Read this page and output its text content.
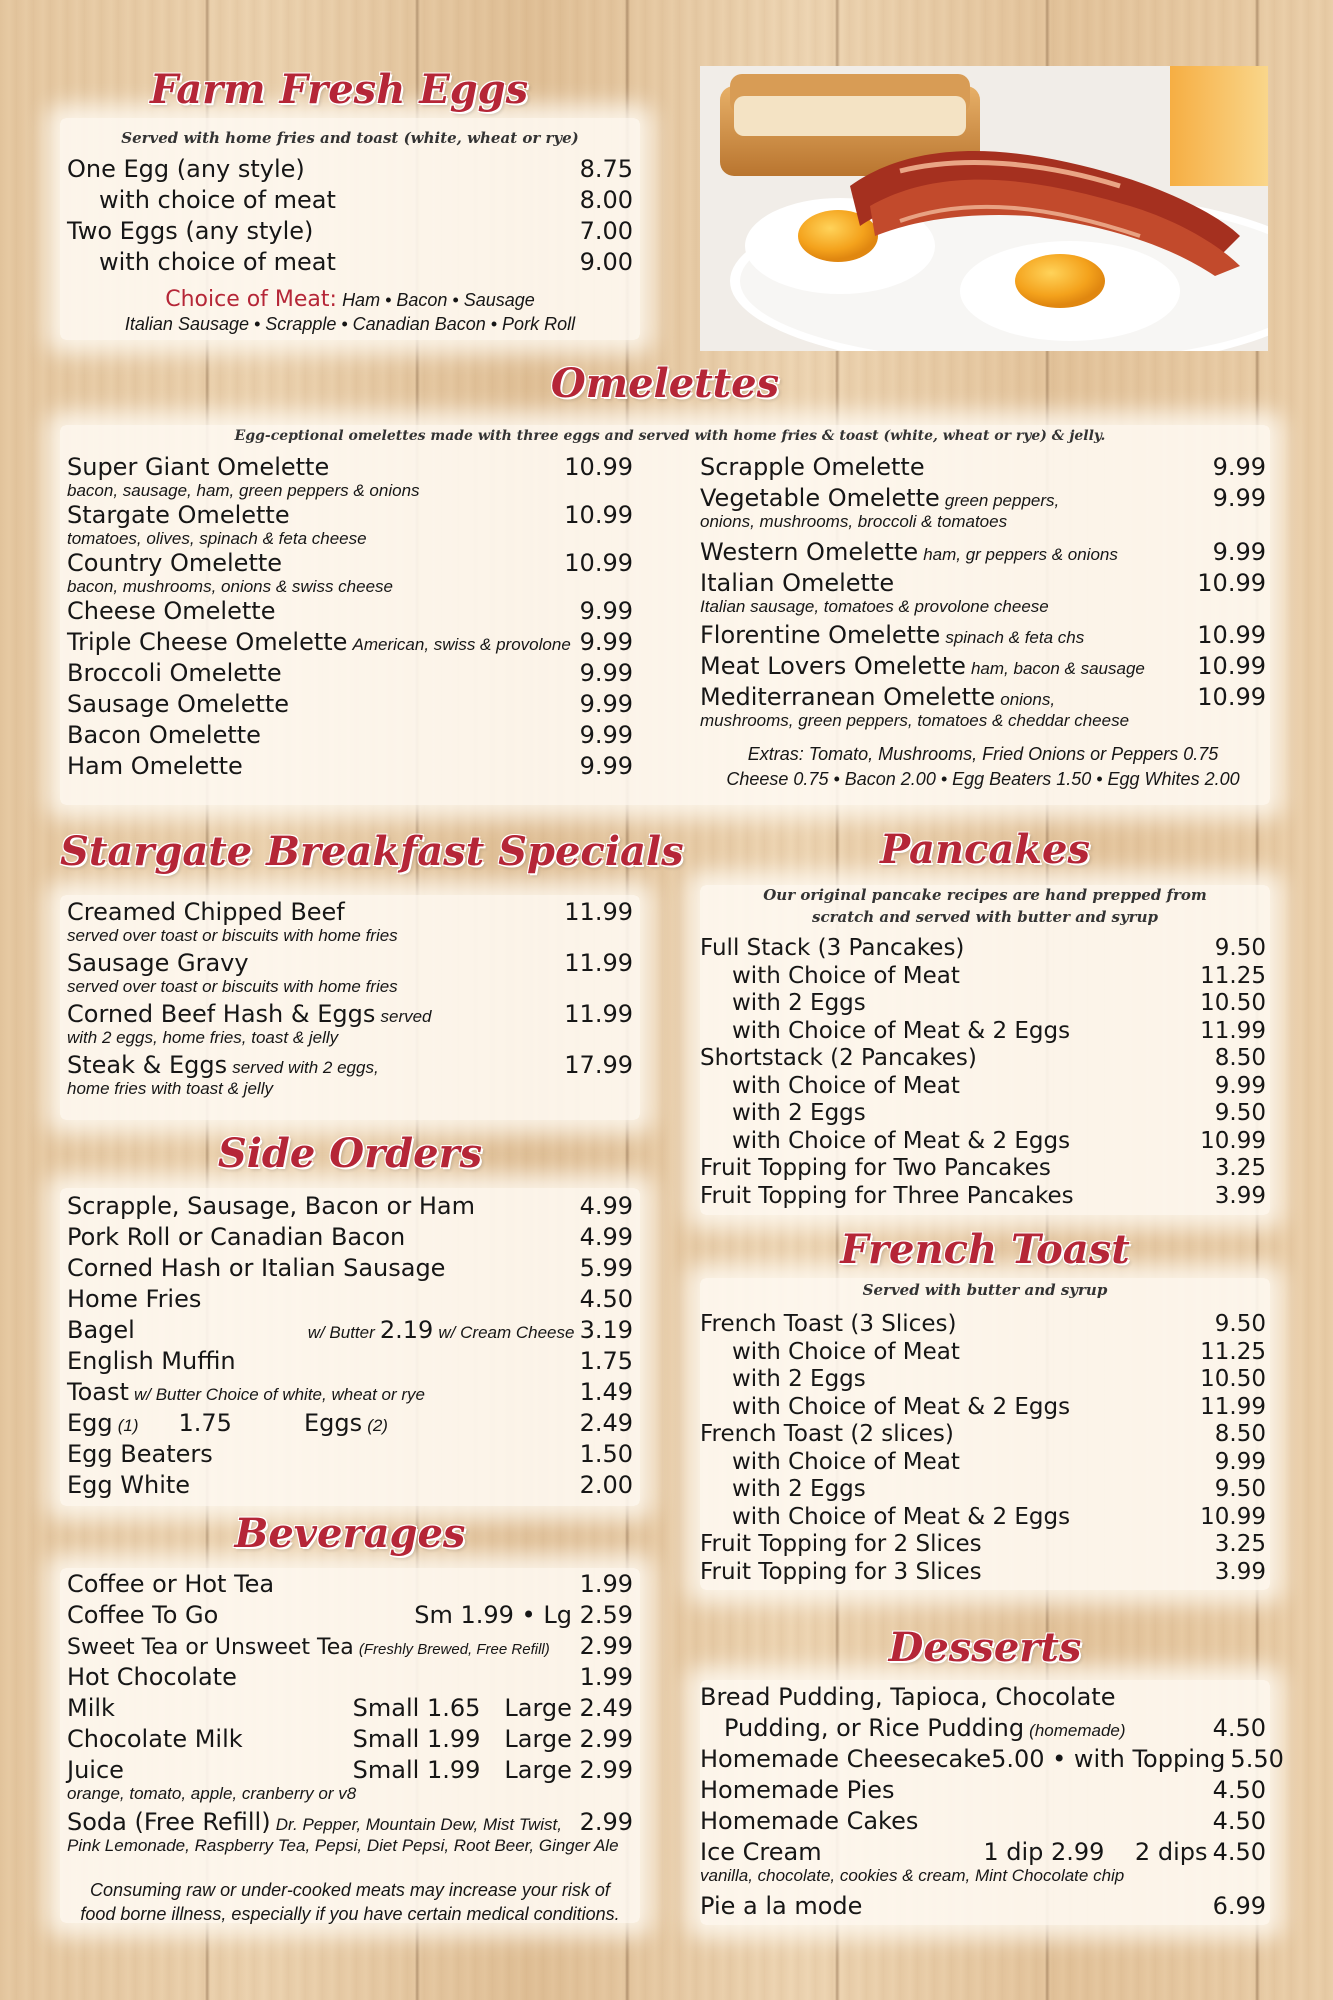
Farm Fresh Eggs
Served with home fries and toast (white, wheat or rye)
One Egg (any style)	8.75
with choice of meat	8.00
Two Eggs (any style)	7.00
with choice of meat	9.00
Choice of Meat: Ham • Bacon • Sausage
Italian Sausage • Scrapple • Canadian Bacon • Pork Roll
Omelettes
Egg-ceptional omelettes made with three eggs and served with home fries & toast (white, wheat or rye) & jelly.
Super Giant Omelette	10.99
bacon, sausage, ham, green peppers & onions
Stargate Omelette	10.99
tomatoes, olives, spinach & feta cheese
Country Omelette	10.99
bacon, mushrooms, onions & swiss cheese
Cheese Omelette	9.99
Triple Cheese Omelette American, swiss & provolone 9.99
Broccoli Omelette	9.99
Sausage Omelette	9.99
Bacon Omelette	9.99
Ham Omelette	9.99
Scrapple Omelette	9.99
Vegetable Omelette green peppers,	9.99
onions, mushrooms, broccoli & tomatoes
Western Omelette ham, gr peppers & onions	9.99
Italian Omelette	10.99
Italian sausage, tomatoes & provolone cheese
Florentine Omelette spinach & feta chs	10.99
Meat Lovers Omelette ham, bacon & sausage 10.99
Mediterranean Omelette onions,	10.99
mushrooms, green peppers, tomatoes & cheddar cheese
Extras: Tomato, Mushrooms, Fried Onions or Peppers 0.75
Cheese 0.75 • Bacon 2.00 • Egg Beaters 1.50 • Egg Whites 2.00
Stargate Breakfast Specials
Creamed Chipped Beef	11.99
served over toast or biscuits with home fries
Sausage Gravy	11.99
served over toast or biscuits with home fries
Corned Beef Hash & Eggs served	11.99
with 2 eggs, home fries, toast & jelly
Steak & Eggs served with 2 eggs,	17.99
home fries with toast & jelly
Side Orders
Scrapple, Sausage, Bacon or Ham	4.99
Pork Roll or Canadian Bacon	4.99
Corned Hash or Italian Sausage	5.99
Home Fries	4.50
Bagel	w/ Butter 2.19 w/ Cream Cheese 3.19
English Muffin	1.75
Toast w/ Butter Choice of white, wheat or rye	1.49
Egg (1) 1.75	Eggs (2)	2.49
Egg Beaters	1.50
Egg White	2.00
Beverages
Coffee or Hot Tea	1.99
Coffee To Go	Sm 1.99 • Lg 2.59
Sweet Tea or Unsweet Tea (Freshly Brewed, Free Refill) 2.99
Hot Chocolate	1.99
Milk	Small 1.65 Large 2.49
Chocolate Milk	Small 1.99 Large 2.99
Juice	Small 1.99 Large 2.99
orange, tomato, apple, cranberry or v8
Soda (Free Refill) Dr. Pepper, Mountain Dew, Mist Twist, 2.99
Pink Lemonade, Raspberry Tea, Pepsi, Diet Pepsi, Root Beer, Ginger Ale
Consuming raw or under-cooked meats may increase your risk of
food borne illness, especially if you have certain medical conditions.
Pancakes
Our original pancake recipes are hand prepped from
scratch and served with butter and syrup
Full Stack (3 Pancakes)	9.50
with Choice of Meat	11.25
with 2 Eggs	10.50
with Choice of Meat & 2 Eggs	11.99
Shortstack (2 Pancakes)	8.50
with Choice of Meat	9.99
with 2 Eggs	9.50
with Choice of Meat & 2 Eggs	10.99
Fruit Topping for Two Pancakes	3.25
Fruit Topping for Three Pancakes	3.99
French Toast
Served with butter and syrup
French Toast (3 Slices)	9.50
with Choice of Meat	11.25
with 2 Eggs	10.50
with Choice of Meat & 2 Eggs	11.99
French Toast (2 slices)	8.50
with Choice of Meat	9.99
with 2 Eggs	9.50
with Choice of Meat & 2 Eggs	10.99
Fruit Topping for 2 Slices	3.25
Fruit Topping for 3 Slices	3.99
Desserts
Bread Pudding, Tapioca, Chocolate
Pudding, or Rice Pudding (homemade)	4.50
Homemade Cheesecake 5.00 • with Topping 5.50
Homemade Pies	4.50
Homemade Cakes	4.50
Ice Cream	1 dip 2.99    2 dips 4.50
vanilla, chocolate, cookies & cream, Mint Chocolate chip
Pie a la mode	6.99
